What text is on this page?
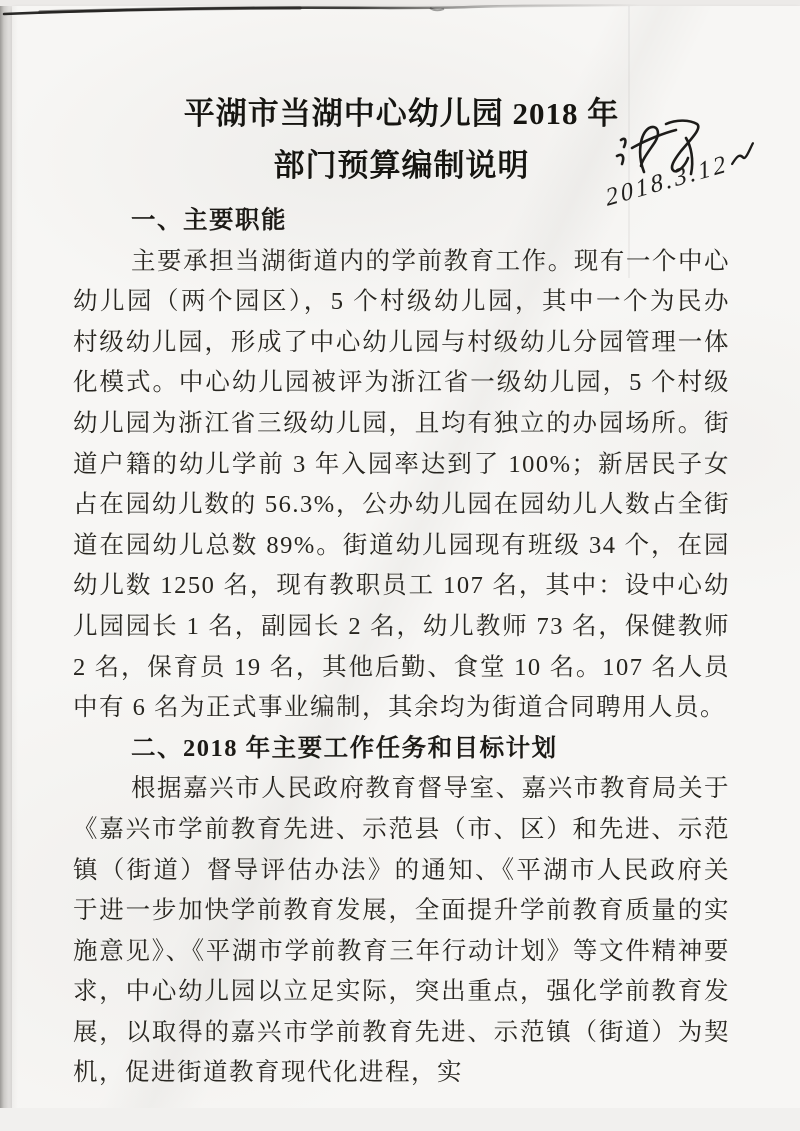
平湖市当湖中心幼儿园 2018 年
部门预算编制说明
一、主要职能

主要承担当湖街道内的学前教育工作。现有一个中心幼儿园（两个园区），5 个村级幼儿园，其中一个为民办村级幼儿园，形成了中心幼儿园与村级幼儿分园管理一体化模式。中心幼儿园被评为浙江省一级幼儿园，5 个村级幼儿园为浙江省三级幼儿园，且均有独立的办园场所。街道户籍的幼儿学前 3 年入园率达到了 100%；新居民子女占在园幼儿数的 56.3%，公办幼儿园在园幼儿人数占全街道在园幼儿总数 89%。街道幼儿园现有班级 34 个，在园幼儿数 1250 名，现有教职员工 107 名，其中：设中心幼儿园园长 1 名，副园长 2 名，幼儿教师 73 名，保健教师 2 名，保育员 19 名，其他后勤、食堂 10 名。107 名人员中有 6 名为正式事业编制，其余均为街道合同聘用人员。

二、2018 年主要工作任务和目标计划

根据嘉兴市人民政府教育督导室、嘉兴市教育局关于《嘉兴市学前教育先进、示范县（市、区）和先进、示范镇（街道）督导评估办法》的通知、《平湖市人民政府关于进一步加快学前教育发展，全面提升学前教育质量的实施意见》、《平湖市学前教育三年行动计划》等文件精神要求，中心幼儿园以立足实际，突出重点，强化学前教育发展，以取得的嘉兴市学前教育先进、示范镇（街道）为契机，促进街道教育现代化进程，实

2018.3.12
